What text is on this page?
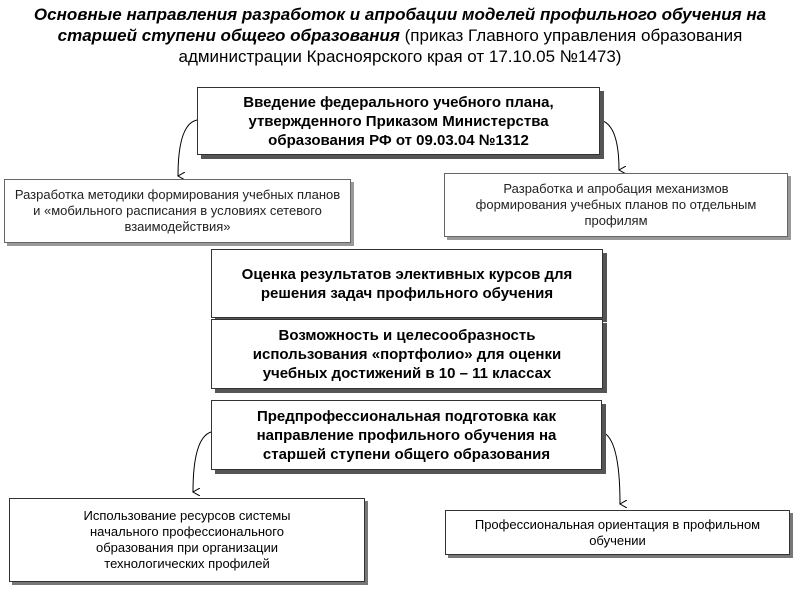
Основные направления разработок и апробации моделей профильного обучения на старшей ступени общего образования (приказ Главного управления образования администрации Красноярского края от 17.10.05 №1473)
Введение федерального учебного плана, утвержденного Приказом Министерства образования РФ от 09.03.04 №1312
Разработка методики формирования учебных планов и «мобильного расписания в условиях сетевого взаимодействия»
Разработка и апробация механизмов формирования учебных планов по отдельным профилям
Оценка результатов элективных курсов для решения задач профильного обучения
Возможность и целесообразность использования «портфолио» для оценки учебных достижений в 10 – 11 классах
Предпрофессиональная подготовка как направление профильного обучения на старшей ступени общего образования
Использование ресурсов системы начального профессионального образования при организации технологических профилей
Профессиональная ориентация в профильном обучении
